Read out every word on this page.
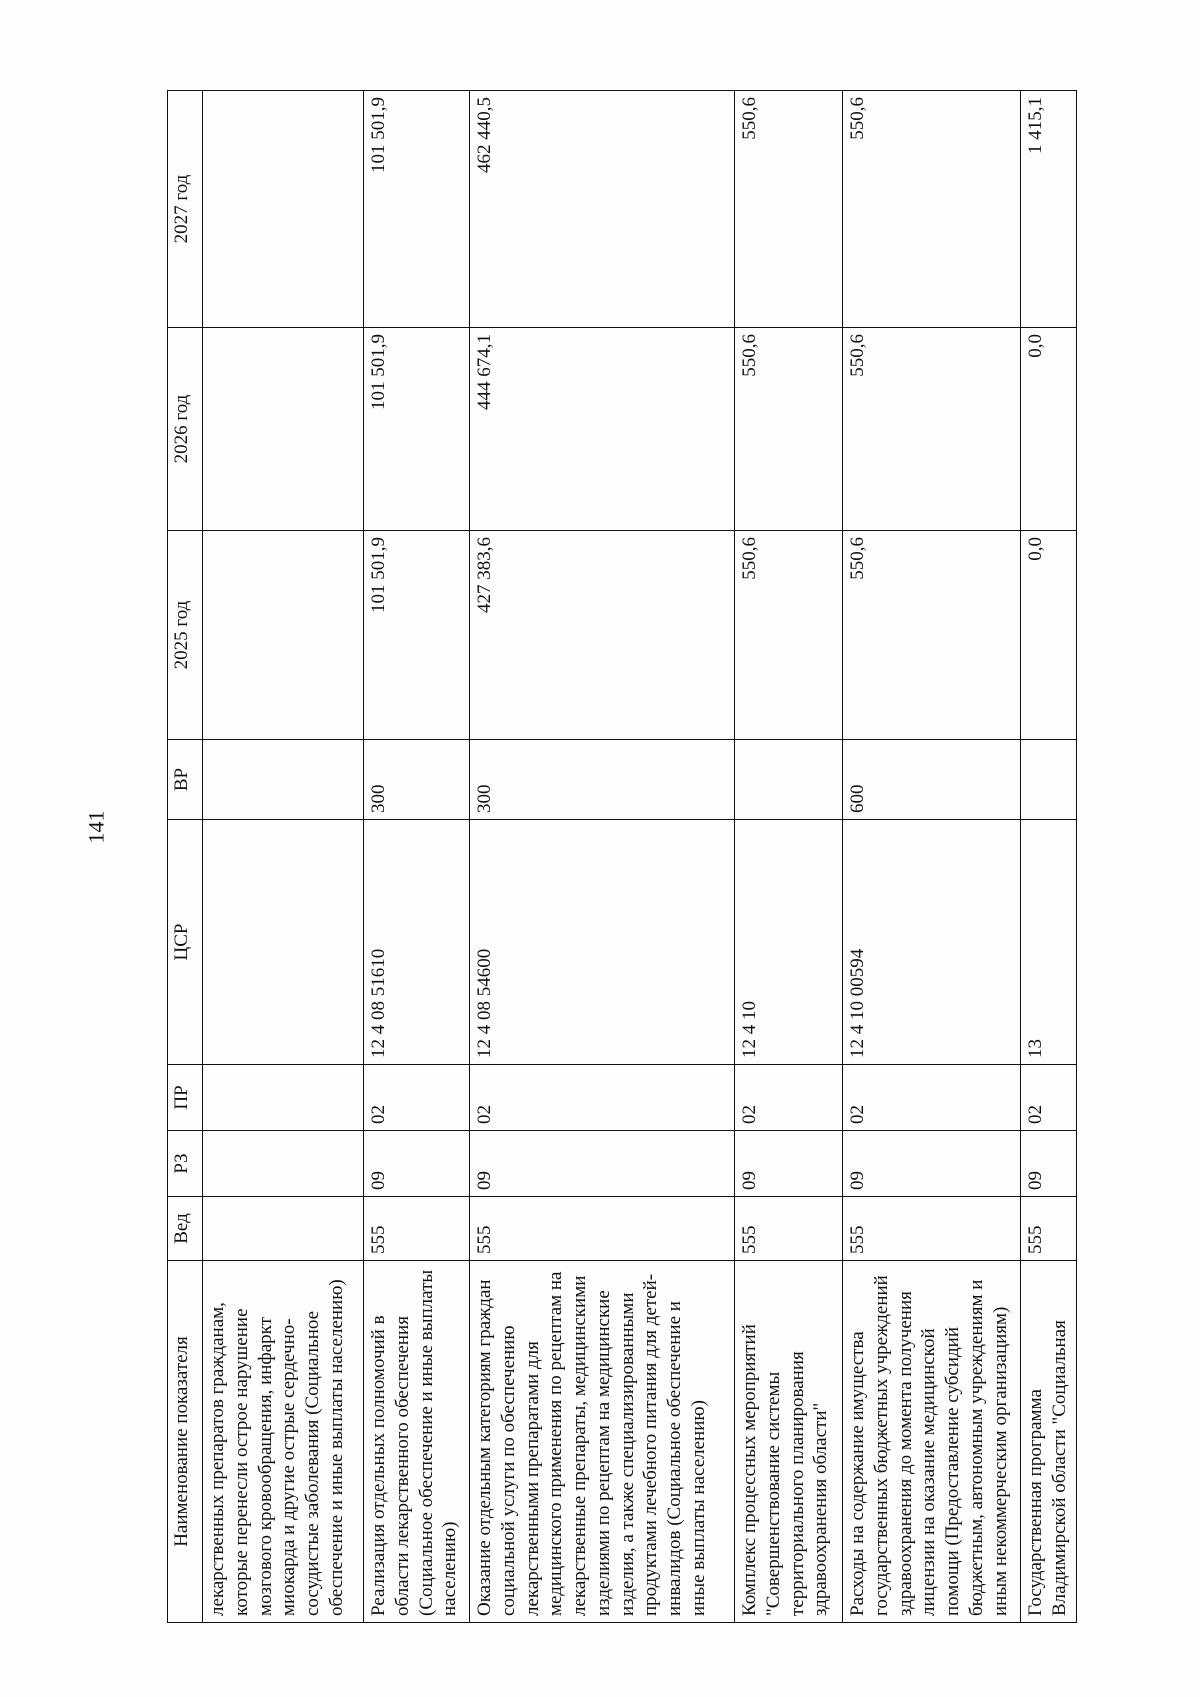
141
Наименование показателя	Вед	РЗ	ПР	ЦСР	ВР	2025 год	2026 год	2027 год
лекарственных препаратов гражданам, которые перенесли острое нарушение мозгового кровообращения, инфаркт миокарда и другие острые сердечно-сосудистые заболевания (Социальное обеспечение и иные выплаты населению)								
Реализация отдельных полномочий в области лекарственного обеспечения (Социальное обеспечение и иные выплаты населению)	555	09	02	12 4 08 51610	300	101 501,9	101 501,9	101 501,9
Оказание отдельным категориям граждан социальной услуги по обеспечению лекарственными препаратами для медицинского применения по рецептам на лекарственные препараты, медицинскими изделиями по рецептам на медицинские изделия, а также специализированными продуктами лечебного питания для детей-инвалидов (Социальное обеспечение и иные выплаты населению)	555	09	02	12 4 08 54600	300	427 383,6	444 674,1	462 440,5
Комплекс процессных мероприятий "Совершенствование системы территориального планирования здравоохранения области"	555	09	02	12 4 10		550,6	550,6	550,6
Расходы на содержание имущества государственных бюджетных учреждений здравоохранения до момента получения лицензии на оказание медицинской помощи (Предоставление субсидий бюджетным, автономным учреждениям и иным некоммерческим организациям)	555	09	02	12 4 10 00594	600	550,6	550,6	550,6
Государственная программа Владимирской области "Социальная	555	09	02	13		0,0	0,0	1 415,1
